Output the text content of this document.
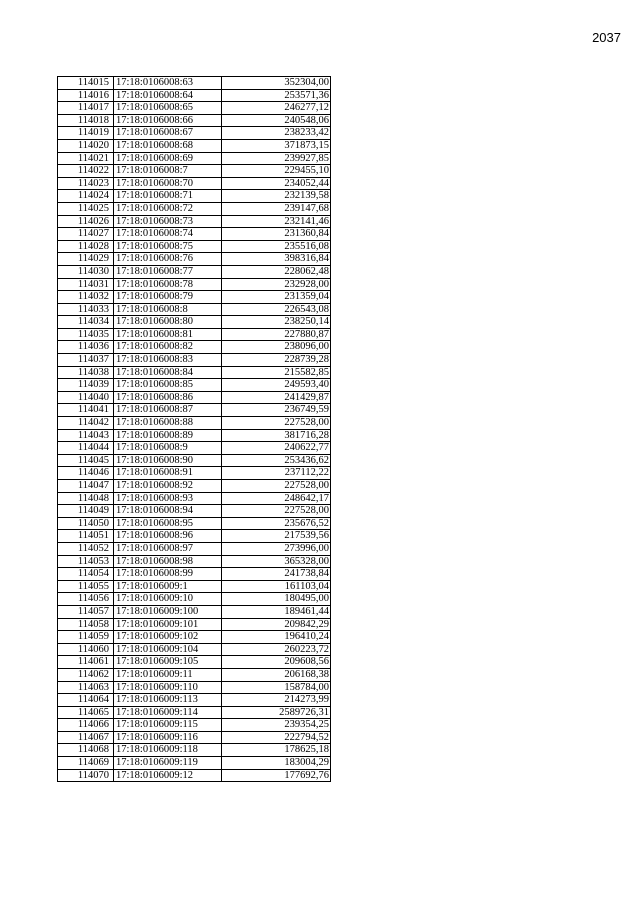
2037
114015	17:18:0106008:63	352304,00
114016	17:18:0106008:64	253571,36
114017	17:18:0106008:65	246277,12
114018	17:18:0106008:66	240548,06
114019	17:18:0106008:67	238233,42
114020	17:18:0106008:68	371873,15
114021	17:18:0106008:69	239927,85
114022	17:18:0106008:7	229455,10
114023	17:18:0106008:70	234052,44
114024	17:18:0106008:71	232139,58
114025	17:18:0106008:72	239147,68
114026	17:18:0106008:73	232141,46
114027	17:18:0106008:74	231360,84
114028	17:18:0106008:75	235516,08
114029	17:18:0106008:76	398316,84
114030	17:18:0106008:77	228062,48
114031	17:18:0106008:78	232928,00
114032	17:18:0106008:79	231359,04
114033	17:18:0106008:8	226543,08
114034	17:18:0106008:80	238250,14
114035	17:18:0106008:81	227880,87
114036	17:18:0106008:82	238096,00
114037	17:18:0106008:83	228739,28
114038	17:18:0106008:84	215582,85
114039	17:18:0106008:85	249593,40
114040	17:18:0106008:86	241429,87
114041	17:18:0106008:87	236749,59
114042	17:18:0106008:88	227528,00
114043	17:18:0106008:89	381716,28
114044	17:18:0106008:9	240622,77
114045	17:18:0106008:90	253436,62
114046	17:18:0106008:91	237112,22
114047	17:18:0106008:92	227528,00
114048	17:18:0106008:93	248642,17
114049	17:18:0106008:94	227528,00
114050	17:18:0106008:95	235676,52
114051	17:18:0106008:96	217539,56
114052	17:18:0106008:97	273996,00
114053	17:18:0106008:98	365328,00
114054	17:18:0106008:99	241738,84
114055	17:18:0106009:1	161103,04
114056	17:18:0106009:10	180495,00
114057	17:18:0106009:100	189461,44
114058	17:18:0106009:101	209842,29
114059	17:18:0106009:102	196410,24
114060	17:18:0106009:104	260223,72
114061	17:18:0106009:105	209608,56
114062	17:18:0106009:11	206168,38
114063	17:18:0106009:110	158784,00
114064	17:18:0106009:113	214273,99
114065	17:18:0106009:114	2589726,31
114066	17:18:0106009:115	239354,25
114067	17:18:0106009:116	222794,52
114068	17:18:0106009:118	178625,18
114069	17:18:0106009:119	183004,29
114070	17:18:0106009:12	177692,76
